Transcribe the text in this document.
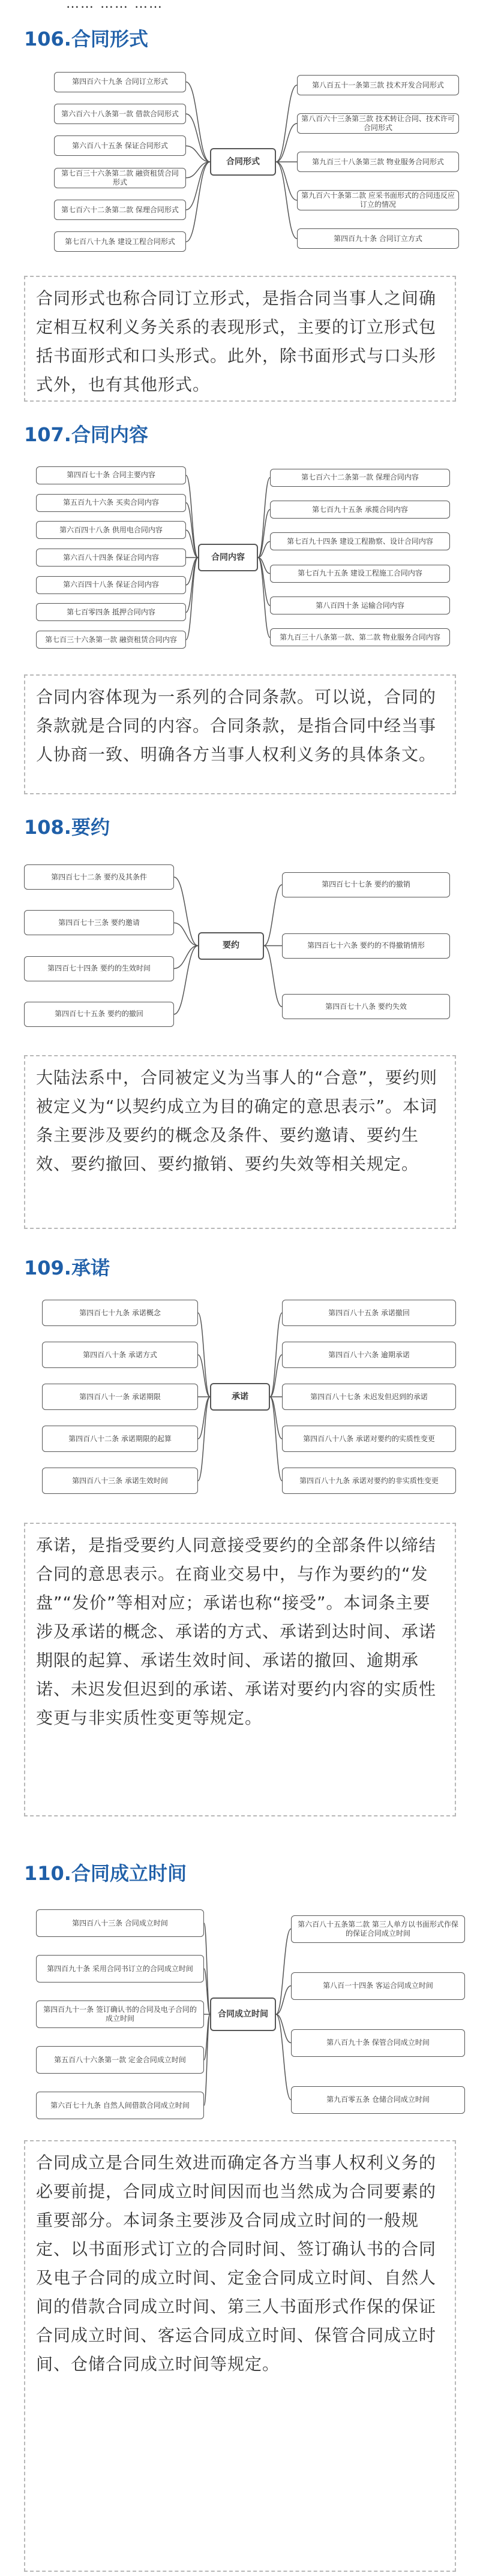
…… …… ……
106.合同形式
合同形式
第四百六十九条 合同订立形式
第六百六十八条第一款 借款合同形式
第六百八十五条 保证合同形式
第七百三十六条第二款 融资租赁合同形式
第七百六十二条第二款 保理合同形式
第七百八十九条 建设工程合同形式
第八百五十一条第三款 技术开发合同形式
第八百六十三条第三款 技术转让合同、技术许可合同形式
第九百三十八条第三款 物业服务合同形式
第九百六十条第二款 应采书面形式的合同违反应订立的情况
第四百九十条 合同订立方式
合同形式也称合同订立形式，是指合同当事人之间确定相互权利义务关系的表现形式，主要的订立形式包括书面形式和口头形式。此外，除书面形式与口头形式外，也有其他形式。
107.合同内容
合同内容
第四百七十条 合同主要内容
第五百九十六条 买卖合同内容
第六百四十八条 供用电合同内容
第六百八十四条 保证合同内容
第六百四十八条 保证合同内容
第七百零四条 抵押合同内容
第七百三十六条第一款 融资租赁合同内容
第七百六十二条第一款 保理合同内容
第七百九十五条 承揽合同内容
第七百九十四条 建设工程勘察、设计合同内容
第七百九十五条 建设工程施工合同内容
第八百四十条 运输合同内容
第九百三十八条第一款、第二款 物业服务合同内容
合同内容体现为一系列的合同条款。可以说，合同的条款就是合同的内容。合同条款，是指合同中经当事人协商一致、明确各方当事人权利义务的具体条文。
108.要约
要约
第四百七十二条 要约及其条件
第四百七十三条 要约邀请
第四百七十四条 要约的生效时间
第四百七十五条 要约的撤回
第四百七十七条 要约的撤销
第四百七十六条 要约的不得撤销情形
第四百七十八条 要约失效
大陆法系中，合同被定义为当事人的“合意”，要约则被定义为“以契约成立为目的确定的意思表示”。本词条主要涉及要约的概念及条件、要约邀请、要约生效、要约撤回、要约撤销、要约失效等相关规定。
109.承诺
承诺
第四百七十九条 承诺概念
第四百八十条 承诺方式
第四百八十一条 承诺期限
第四百八十二条 承诺期限的起算
第四百八十三条 承诺生效时间
第四百八十五条 承诺撤回
第四百八十六条 逾期承诺
第四百八十七条 未迟发但迟到的承诺
第四百八十八条 承诺对要约的实质性变更
第四百八十九条 承诺对要约的非实质性变更
承诺，是指受要约人同意接受要约的全部条件以缔结合同的意思表示。在商业交易中，与作为要约的“发盘”“发价”等相对应；承诺也称“接受”。本词条主要涉及承诺的概念、承诺的方式、承诺到达时间、承诺期限的起算、承诺生效时间、承诺的撤回、逾期承诺、未迟发但迟到的承诺、承诺对要约内容的实质性变更与非实质性变更等规定。
110.合同成立时间
合同成立时间
第四百八十三条 合同成立时间
第四百九十条 采用合同书订立的合同成立时间
第四百九十一条 签订确认书的合同及电子合同的成立时间
第五百八十六条第一款 定金合同成立时间
第六百七十九条 自然人间借款合同成立时间
第六百八十五条第二款 第三人单方以书面形式作保的保证合同成立时间
第八百一十四条 客运合同成立时间
第八百九十条 保管合同成立时间
第九百零五条 仓储合同成立时间
合同成立是合同生效进而确定各方当事人权利义务的必要前提，合同成立时间因而也当然成为合同要素的重要部分。本词条主要涉及合同成立时间的一般规定、以书面形式订立的合同时间、签订确认书的合同及电子合同的成立时间、定金合同成立时间、自然人间的借款合同成立时间、第三人书面形式作保的保证合同成立时间、客运合同成立时间、保管合同成立时间、仓储合同成立时间等规定。
